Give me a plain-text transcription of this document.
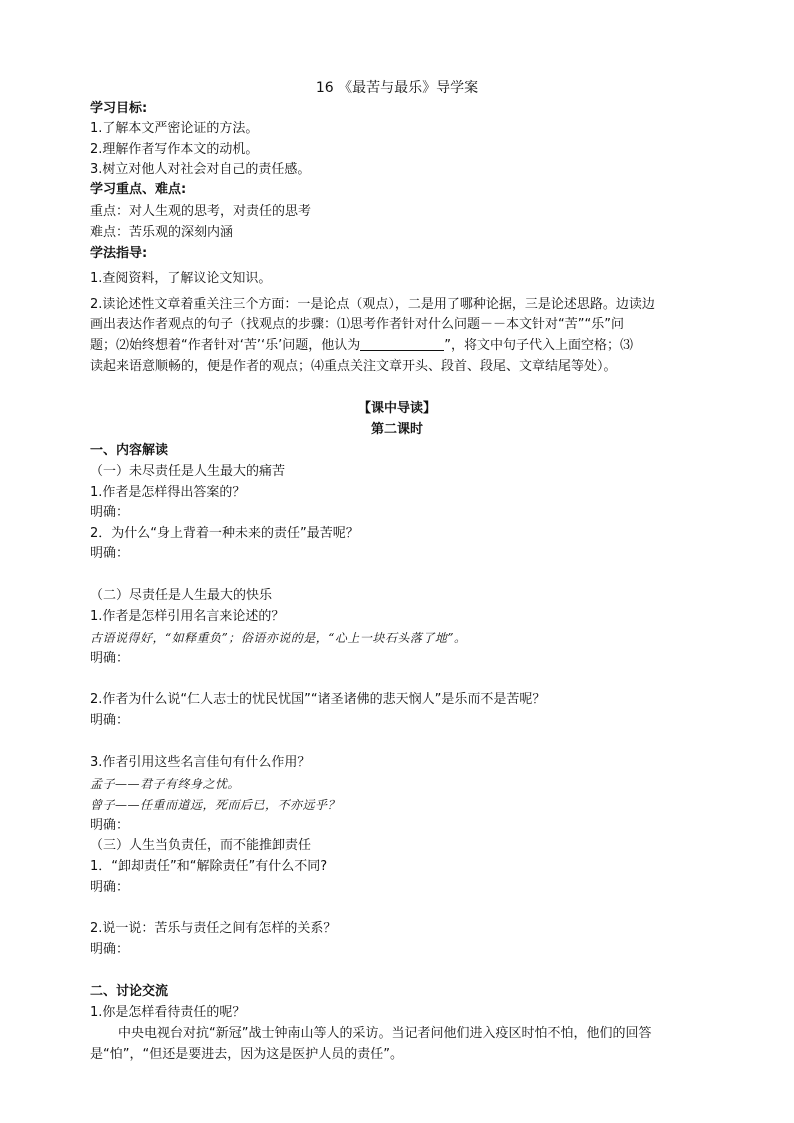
16 《最苦与最乐》导学案
学习目标:
1.了解本文严密论证的方法。
2.理解作者写作本文的动机。
3.树立对他人对社会对自己的责任感。
学习重点、难点:
重点：对人生观的思考，对责任的思考
难点：苦乐观的深刻内涵
学法指导:
1.查阅资料，了解议论文知识。
2.读论述性文章着重关注三个方面：一是论点（观点），二是用了哪种论据，三是论述思路。边读边
画出表达作者观点的句子（找观点的步骤：⑴思考作者针对什么问题－－本文针对“苦”“乐”问
题；⑵始终想着“作者针对‘苦’‘乐’问题，他认为	”，将文中句子代入上面空格；⑶
读起来语意顺畅的，便是作者的观点；⑷重点关注文章开头、段首、段尾、文章结尾等处）。
【课中导读】
第二课时
一、内容解读
（一）未尽责任是人生最大的痛苦
1.作者是怎样得出答案的？
明确：
2．为什么“身上背着一种未来的责任”最苦呢？
明确：
（二）尽责任是人生最大的快乐
1.作者是怎样引用名言来论述的？
古语说得好，“如释重负”；俗语亦说的是，“心上一块石头落了地”。
明确：
2.作者为什么说“仁人志士的忧民忧国”“诸圣诸佛的悲天悯人”是乐而不是苦呢？
明确：
3.作者引用这些名言佳句有什么作用？
孟子——君子有终身之忧。
曾子——任重而道远，死而后已，不亦远乎？
明确：
（三）人生当负责任，而不能推卸责任
1．“卸却责任”和“解除责任”有什么不同?
明确：
2.说一说：苦乐与责任之间有怎样的关系？
明确：
二、讨论交流
1.你是怎样看待责任的呢？
中央电视台对抗“新冠”战士钟南山等人的采访。当记者问他们进入疫区时怕不怕，他们的回答
是“怕”，“但还是要进去，因为这是医护人员的责任”。
